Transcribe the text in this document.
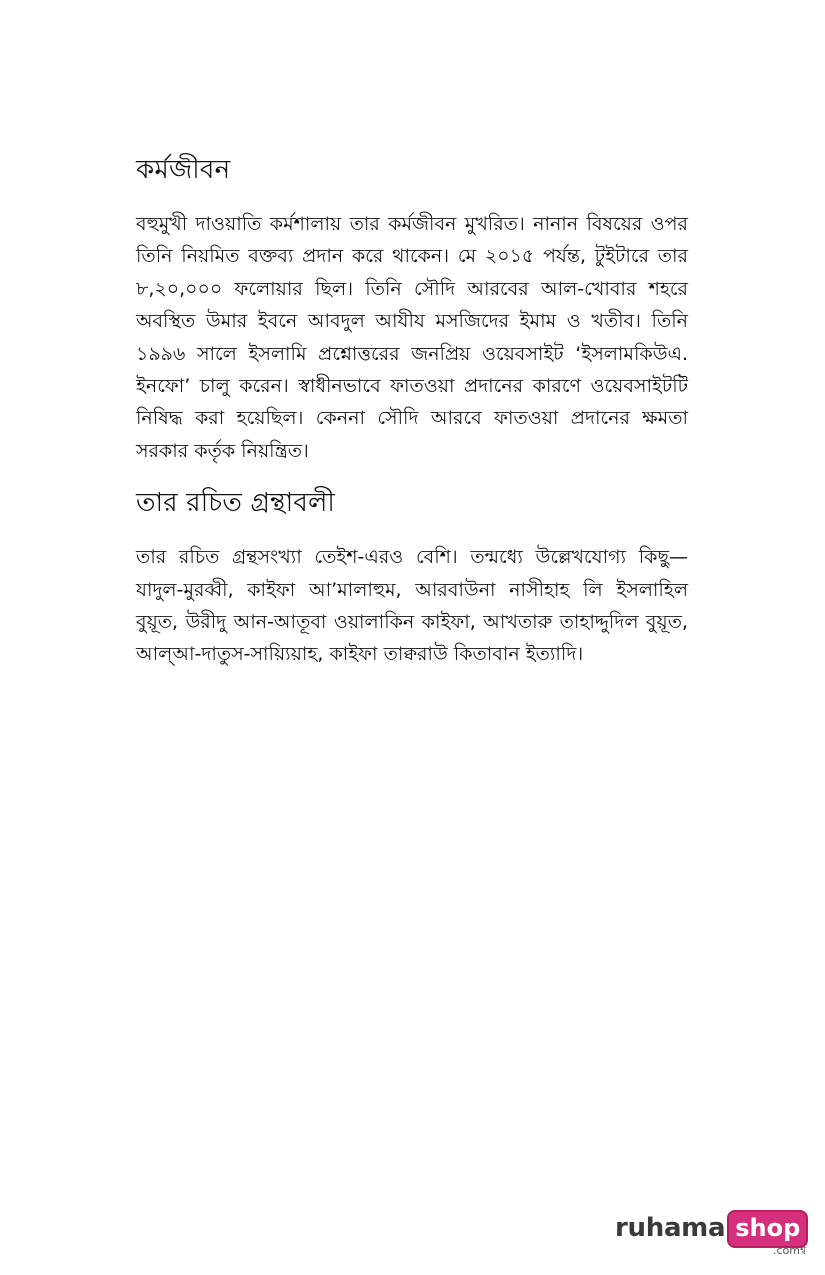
কর্মজীবন
বহুমুখী দাওয়াতি কর্মশালায় তার কর্মজীবন মুখরিত। নানান বিষয়ের ওপর
তিনি নিয়মিত বক্তব্য প্রদান করে থাকেন। মে ২০১৫ পর্যন্ত, টুইটারে তার
৮,২০,০০০ ফলোয়ার ছিল। তিনি সৌদি আরবের আল-খোবার শহরে
অবস্থিত উমার ইবনে আবদুল আযীয মসজিদের ইমাম ও খতীব। তিনি
১৯৯৬ সালে ইসলামি প্রশ্নোত্তরের জনপ্রিয় ওয়েবসাইট ‘ইসলামকিউএ.
ইনফো’ চালু করেন। স্বাধীনভাবে ফাতওয়া প্রদানের কারণে ওয়েবসাইটটি
নিষিদ্ধ করা হয়েছিল। কেননা সৌদি আরবে ফাতওয়া প্রদানের ক্ষমতা
সরকার কর্তৃক নিয়ন্ত্রিত।
তার রচিত গ্রন্থাবলী
তার রচিত গ্রন্থসংখ্যা তেইশ-এরও বেশি। তন্মধ্যে উল্লেখযোগ্য কিছু—
যাদুল-মুরব্বী, কাইফা আ’মালাহুম, আরবাউনা নাসীহাহ লি ইসলাহিল
বুয়ূত, উরীদু আন-আতূবা ওয়ালাকিন কাইফা, আখতারু তাহাদ্দুদিল বুয়ূত,
আল্আ-দাতুস-সায়্যিয়াহ, কাইফা তাক্বরাউ কিতাবান ইত্যাদি।
ruhama shop
.comশ্ব
